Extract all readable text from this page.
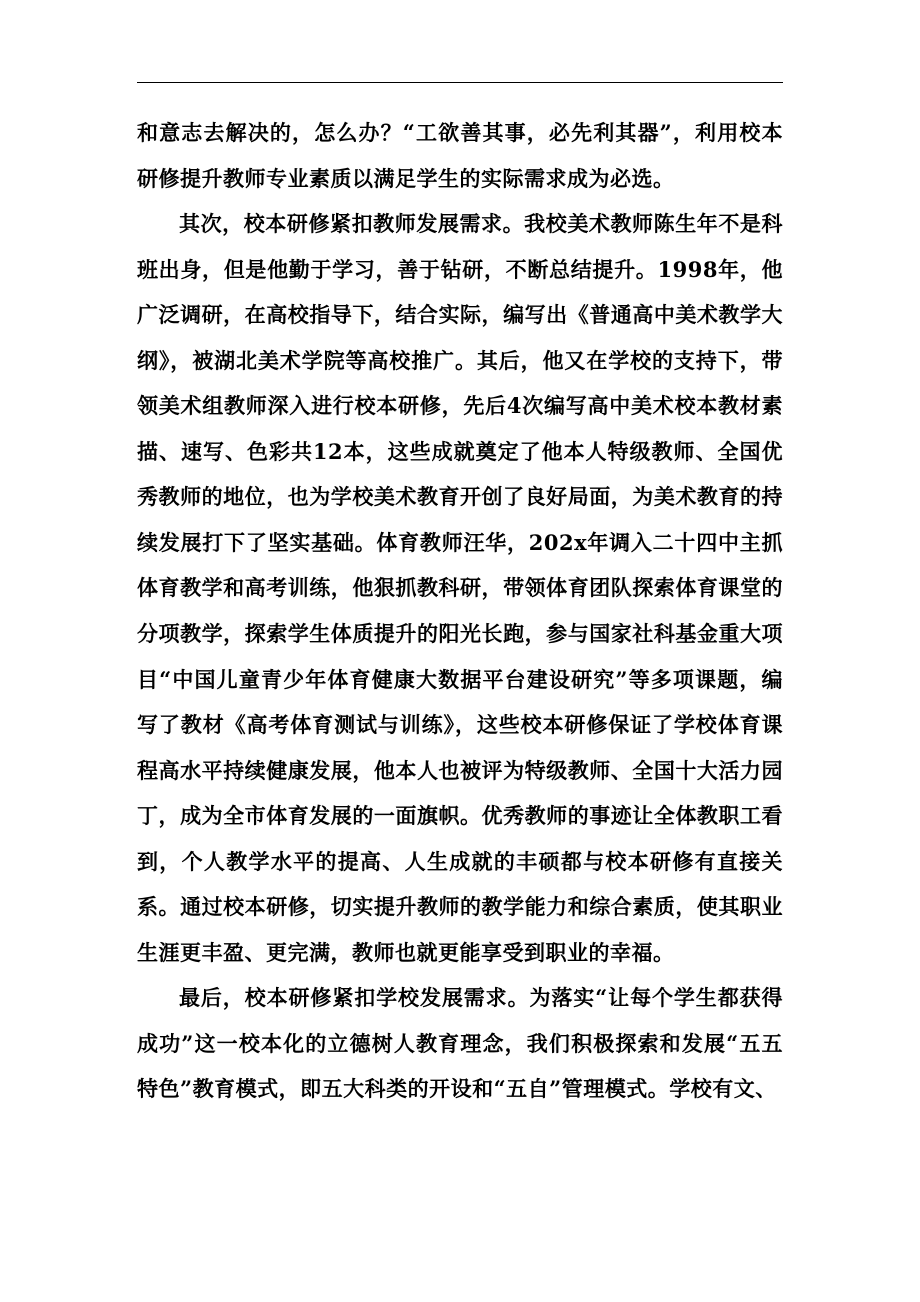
和意志去解决的，怎么办？“工欲善其事，必先利其器”，利用校本研修提升教师专业素质以满足学生的实际需求成为必选。

其次，校本研修紧扣教师发展需求。我校美术教师陈生年不是科班出身，但是他勤于学习，善于钻研，不断总结提升。1998年，他广泛调研，在高校指导下，结合实际，编写出《普通高中美术教学大纲》，被湖北美术学院等高校推广。其后，他又在学校的支持下，带领美术组教师深入进行校本研修，先后4次编写高中美术校本教材素描、速写、色彩共12本，这些成就奠定了他本人特级教师、全国优秀教师的地位，也为学校美术教育开创了良好局面，为美术教育的持续发展打下了坚实基础。体育教师汪华，202x年调入二十四中主抓体育教学和高考训练，他狠抓教科研，带领体育团队探索体育课堂的分项教学，探索学生体质提升的阳光长跑，参与国家社科基金重大项目“中国儿童青少年体育健康大数据平台建设研究”等多项课题，编写了教材《高考体育测试与训练》，这些校本研修保证了学校体育课程高水平持续健康发展，他本人也被评为特级教师、全国十大活力园丁，成为全市体育发展的一面旗帜。优秀教师的事迹让全体教职工看到，个人教学水平的提高、人生成就的丰硕都与校本研修有直接关系。通过校本研修，切实提升教师的教学能力和综合素质，使其职业生涯更丰盈、更完满，教师也就更能享受到职业的幸福。

最后，校本研修紧扣学校发展需求。为落实“让每个学生都获得成功”这一校本化的立德树人教育理念，我们积极探索和发展“五五特色”教育模式，即五大科类的开设和“五自”管理模式。学校有文、
